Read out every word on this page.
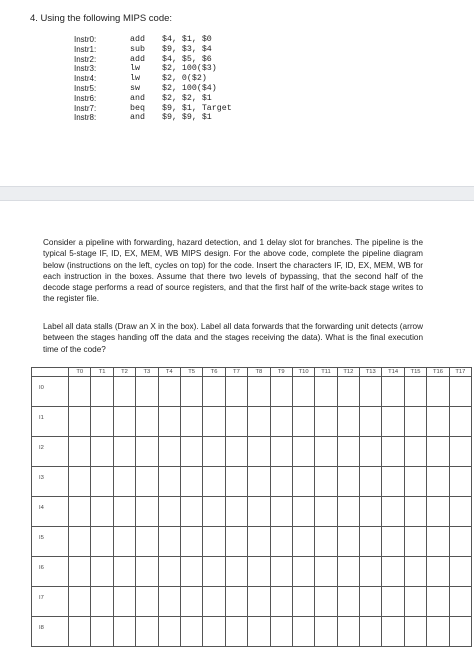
4. Using the following MIPS code:
Instr0:	add	$4, $1, $0
Instr1:	sub	$9, $3, $4
Instr2:	add	$4, $5, $6
Instr3:	lw	$2, 100($3)
Instr4:	lw	$2, 0($2)
Instr5:	sw	$2, 100($4)
Instr6:	and	$2, $2, $1
Instr7:	beq	$9, $1, Target
Instr8:	and	$9, $9, $1
Consider a pipeline with forwarding, hazard detection, and 1 delay slot for branches. The pipeline is the typical 5-stage IF, ID, EX, MEM, WB MIPS design. For the above code, complete the pipeline diagram below (instructions on the left, cycles on top) for the code. Insert the characters IF, ID, EX, MEM, WB for each instruction in the boxes. Assume that there two levels of bypassing, that the second half of the decode stage performs a read of source registers, and that the first half of the write-back stage writes to the register file.
Label all data stalls (Draw an X in the box). Label all data forwards that the forwarding unit detects (arrow between the stages handing off the data and the stages receiving the data). What is the final execution time of the code?
	T0	T1	T2	T3	T4	T5	T6	T7	T8	T9	T10	T11	T12	T13	T14	T15	T16	T17

I0																		

I1																		

I2																		

I3																		

I4																		

I5																		

I6																		

I7																		

I8																		
